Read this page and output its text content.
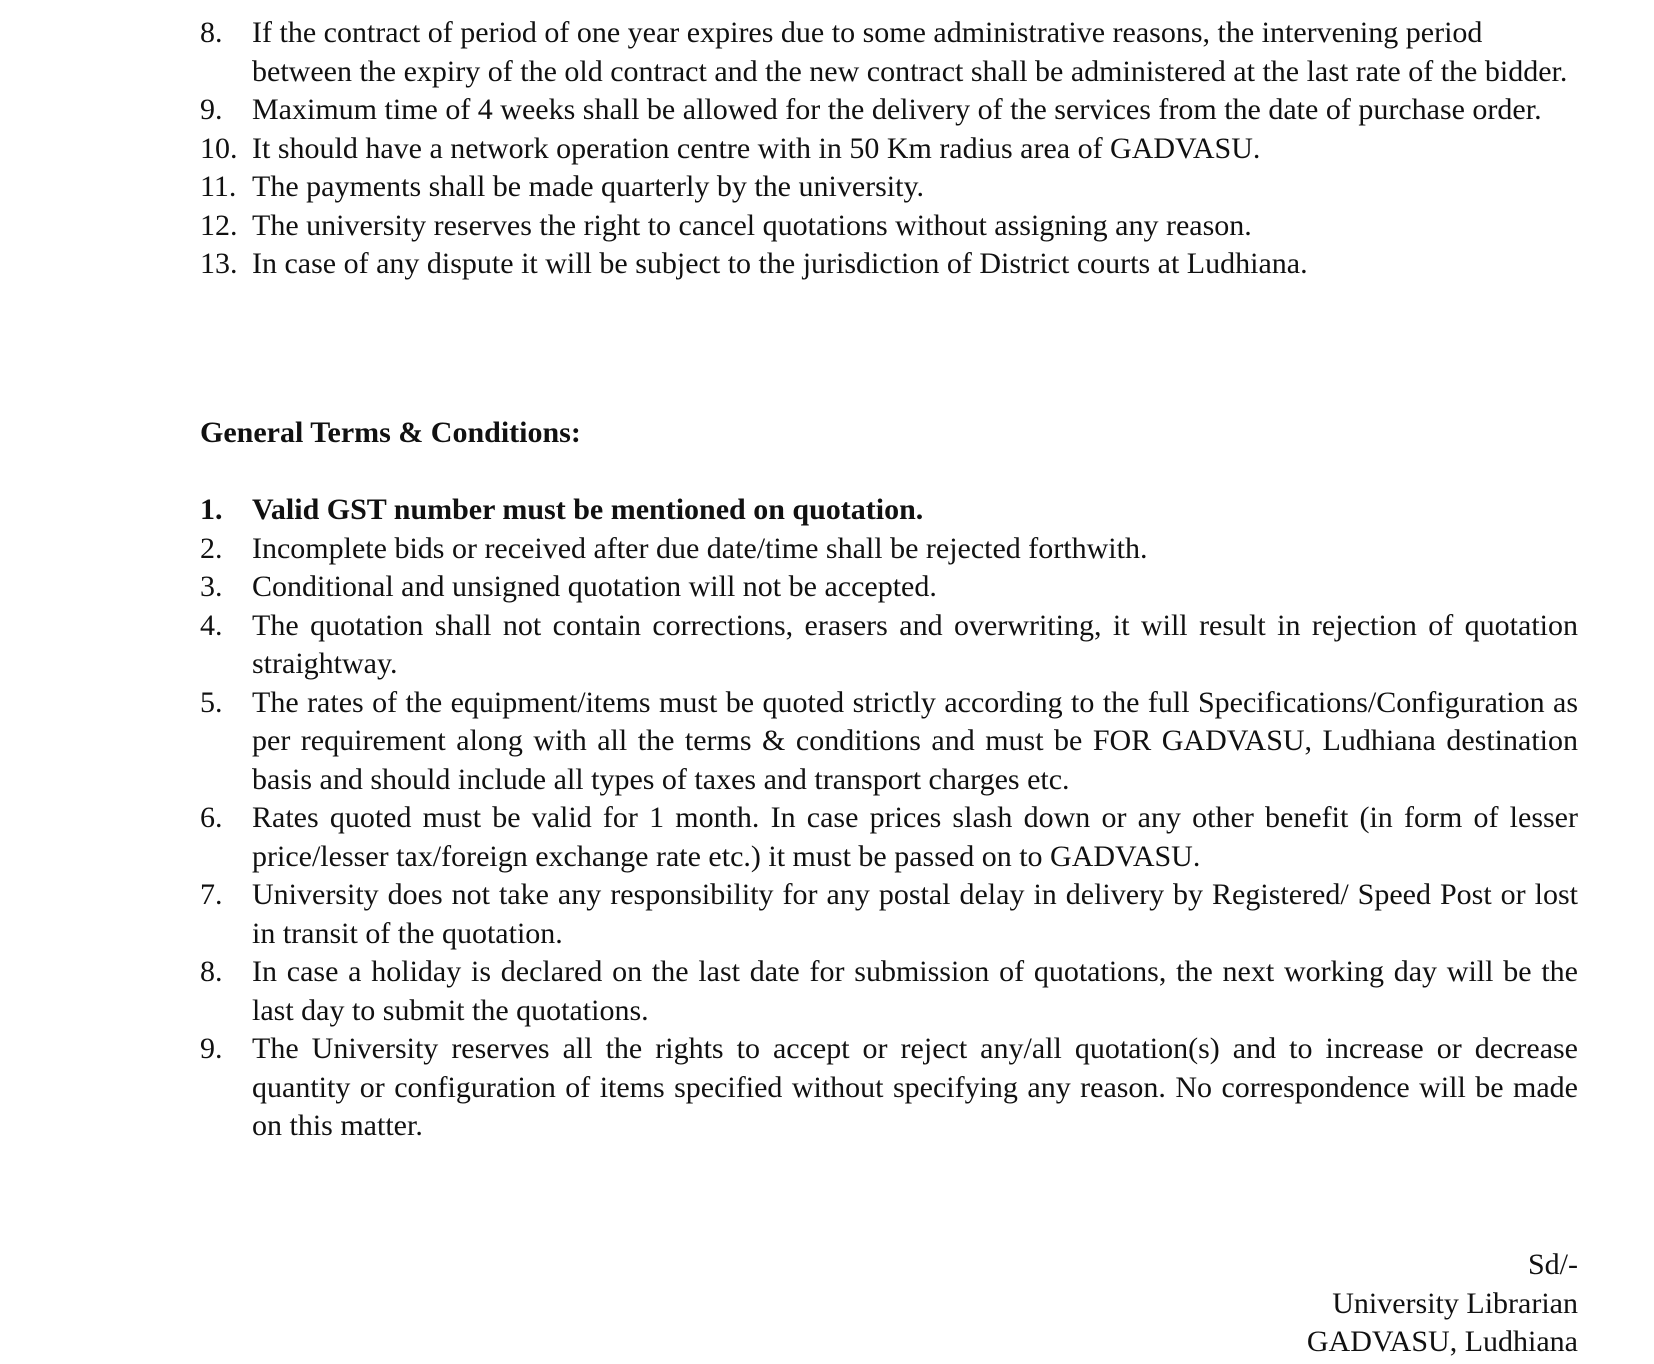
8. If the contract of period of one year expires due to some administrative reasons, the intervening period between the expiry of the old contract and the new contract shall be administered at the last rate of the bidder.
9. Maximum time of 4 weeks shall be allowed for the delivery of the services from the date of purchase order.
10. It should have a network operation centre with in 50 Km radius area of GADVASU.
11. The payments shall be made quarterly by the university.
12. The university reserves the right to cancel quotations without assigning any reason.
13. In case of any dispute it will be subject to the jurisdiction of District courts at Ludhiana.
General Terms & Conditions:
1. Valid GST number must be mentioned on quotation.
2. Incomplete bids or received after due date/time shall be rejected forthwith.
3. Conditional and unsigned quotation will not be accepted.
4. The quotation shall not contain corrections, erasers and overwriting, it will result in rejection of quotation straightway.
5. The rates of the equipment/items must be quoted strictly according to the full Specifications/Configuration as per requirement along with all the terms & conditions and must be FOR GADVASU, Ludhiana destination basis and should include all types of taxes and transport charges etc.
6. Rates quoted must be valid for 1 month. In case prices slash down or any other benefit (in form of lesser price/lesser tax/foreign exchange rate etc.) it must be passed on to GADVASU.
7. University does not take any responsibility for any postal delay in delivery by Registered/ Speed Post or lost in transit of the quotation.
8. In case a holiday is declared on the last date for submission of quotations, the next working day will be the last day to submit the quotations.
9. The University reserves all the rights to accept or reject any/all quotation(s) and to increase or decrease quantity or configuration of items specified without specifying any reason. No correspondence will be made on this matter.
Sd/-
University Librarian
GADVASU, Ludhiana
